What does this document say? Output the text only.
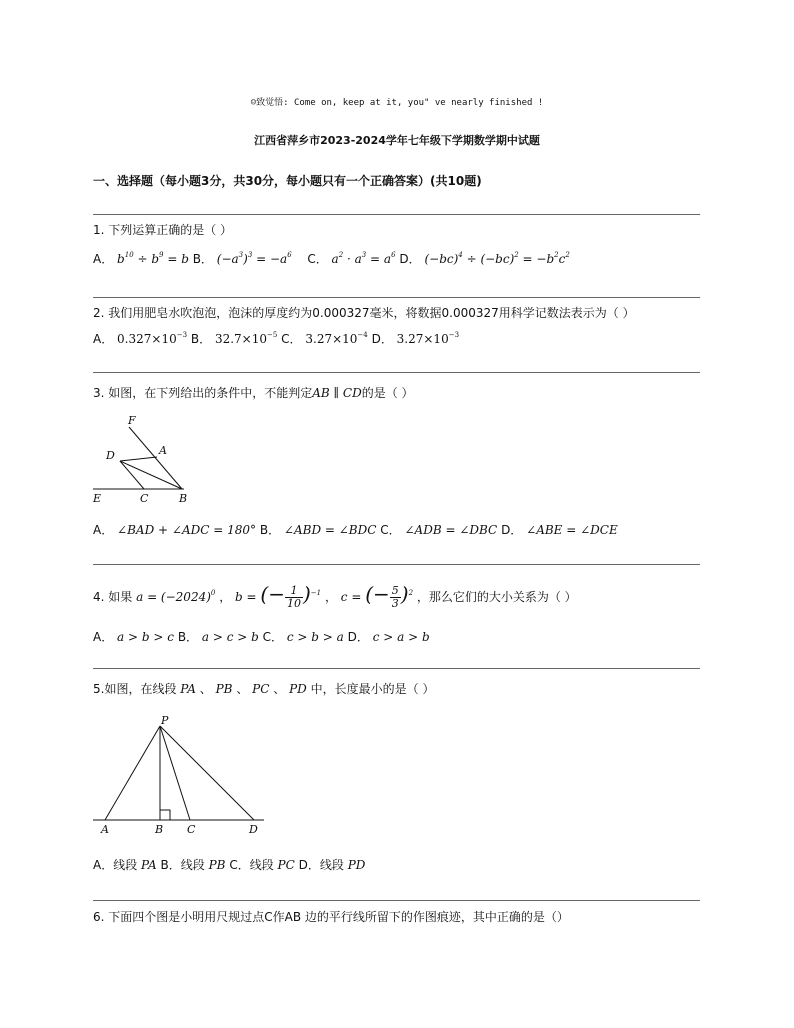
☺致觉悟: Come on, keep at it, you" ve nearly finished !
江西省萍乡市2023-2024学年七年级下学期数学期中试题
一、选择题（每小题3分，共30分，每小题只有一个正确答案）(共10题)
1. 下列运算正确的是（ ）
A． $b^{10} \div b^9 = b$ B． $(-a^3)^3 = -a^6$ C． $a^2 \cdot a^3 = a^6$ D． $(-bc)^4 \div (-bc)^2 = -b^2c^2$
2. 我们用肥皂水吹泡泡，泡沫的厚度约为0.000327毫米，将数据0.000327用科学记数法表示为（ ）
A． $0.327\times 10^{-3}$ B． $32.7\times 10^{-5}$ C． $3.27\times 10^{-4}$ D． $3.27\times 10^{-3}$
3. 如图，在下列给出的条件中，不能判定AB ∥ CD的是（ ）
F
A
D
E	C	B
A． ∠BAD + ∠ADC = 180° B． ∠ABD = ∠BDC C． ∠ADB = ∠DBC D． ∠ABE = ∠DCE
4. 如果 $a = (-2024)^0$ ， b = (− $\frac{1}{10} )^{-1}$ ， c = (− $\frac{5}{3} )^2$ ，那么它们的大小关系为（ ）
A． a > b > c B． a > c > b C． c > b > a D． c > a > b
5.如图，在线段 PA 、 PB 、 PC 、 PD 中，长度最小的是（ ）
P
A	B C	D
A．线段 PA B．线段 PB C．线段 PC D．线段 PD
6. 下面四个图是小明用尺规过点C作AB 边的平行线所留下的作图痕迹，其中正确的是（）
